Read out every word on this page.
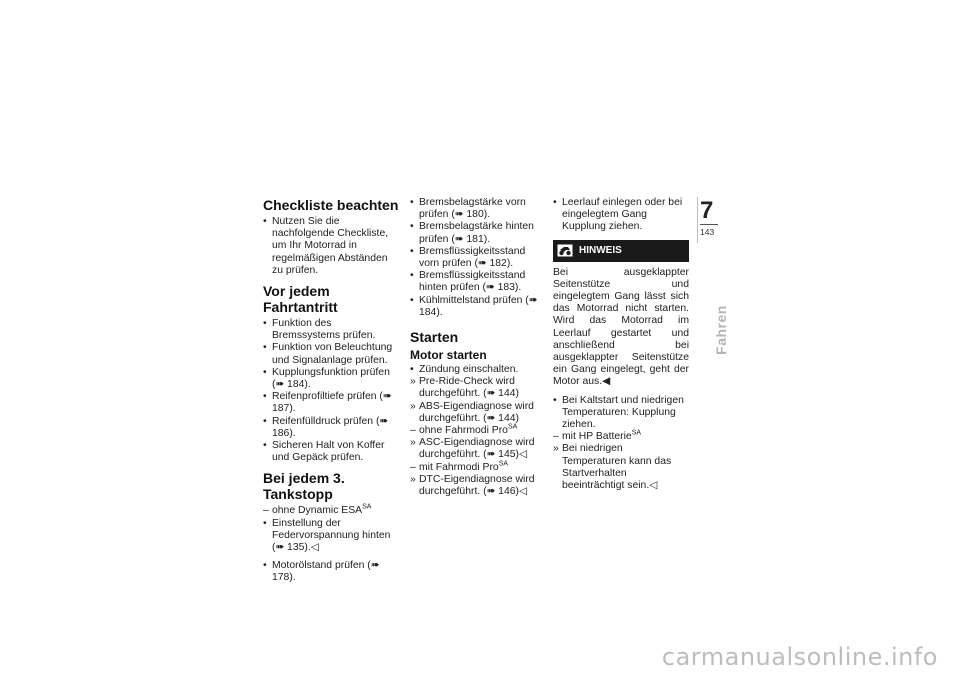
Checkliste beachten

• Nutzen Sie die nachfolgende Checkliste, um Ihr Motorrad in regelmäßigen Abständen zu prüfen.

Vor jedem Fahrtantritt

• Funktion des Bremssystems prüfen.

• Funktion von Beleuchtung und Signalanlage prüfen.

• Kupplungsfunktion prüfen (➠ 184).

• Reifenprofiltiefe prüfen (➠ 187).

• Reifenfülldruck prüfen (➠ 186).

• Sicheren Halt von Koffer und Gepäck prüfen.

Bei jedem 3. Tankstopp

– ohne Dynamic $ESA^{SA}$

• Einstellung der Federvorspannung hinten (➠ 135).◁

• Motorölstand prüfen (➠ 178).

• Bremsbelagstärke vorn prüfen (➠ 180).

• Bremsbelagstärke hinten prüfen (➠ 181).

• Bremsflüssigkeitsstand vorn prüfen (➠ 182).

• Bremsflüssigkeitsstand hinten prüfen (➠ 183).

• Kühlmittelstand prüfen (➠ 184).

Starten
Motor starten

• Zündung einschalten.

» Pre-Ride-Check wird durchgeführt. (➠ 144)

» ABS-Eigendiagnose wird durchgeführt. (➠ 144)

– ohne Fahrmodi Pro$^{SA}$

» ASC-Eigendiagnose wird durchgeführt. (➠ 145)◁

– mit Fahrmodi Pro$^{SA}$

» DTC-Eigendiagnose wird durchgeführt. (➠ 146)◁

• Leerlauf einlegen oder bei eingelegtem Gang Kupplung ziehen.

HINWEIS

Bei ausgeklappter Seitenstütze und eingelegtem Gang lässt sich das Motorrad nicht starten. Wird das Motorrad im Leerlauf gestartet und anschließend bei ausgeklappter Seitenstütze ein Gang eingelegt, geht der Motor aus.◀

• Bei Kaltstart und niedrigen Temperaturen: Kupplung ziehen.

– mit HP Batterie$^{SA}$

» Bei niedrigen Temperaturen kann das Startverhalten beeinträchtigt sein.◁

7
143
Fahren
carmanualsonline.info
